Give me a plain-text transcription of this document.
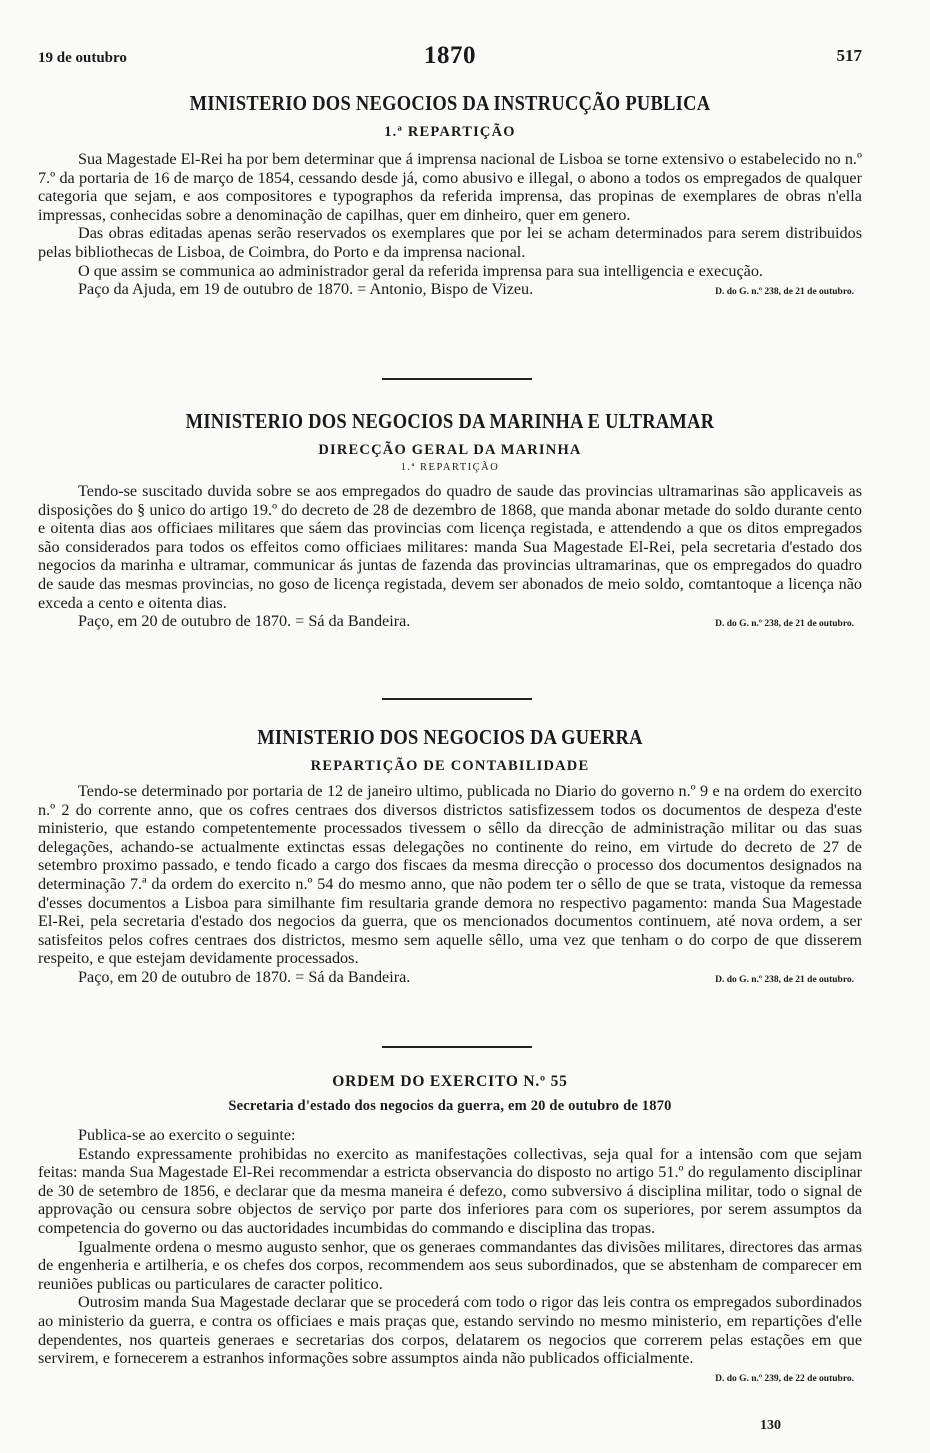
19 de outubro	1870	517
MINISTERIO DOS NEGOCIOS DA INSTRUCÇÃO PUBLICA
1.ª REPARTIÇÃO

Sua Magestade El-Rei ha por bem determinar que á imprensa nacional de Lisboa se torne extensivo o estabelecido no n.º 7.º da portaria de 16 de março de 1854, cessando desde já, como abusivo e illegal, o abono a todos os empregados de qualquer categoria que sejam, e aos compositores e typographos da referida imprensa, das propinas de exemplares de obras n'ella impressas, conhecidas sobre a denominação de capilhas, quer em dinheiro, quer em genero.

Das obras editadas apenas serão reservados os exemplares que por lei se acham determinados para serem distribuidos pelas bibliothecas de Lisboa, de Coimbra, do Porto e da imprensa nacional.

O que assim se communica ao administrador geral da referida imprensa para sua intelligencia e execução.

Paço da Ajuda, em 19 de outubro de 1870. = Antonio, Bispo de Vizeu.	D. do G. n.º 238, de 21 de outubro.
MINISTERIO DOS NEGOCIOS DA MARINHA E ULTRAMAR
DIRECÇÃO GERAL DA MARINHA
1.ª REPARTIÇÃO

Tendo-se suscitado duvida sobre se aos empregados do quadro de saude das provincias ultramarinas são applicaveis as disposições do § unico do artigo 19.º do decreto de 28 de dezembro de 1868, que manda abonar metade do soldo durante cento e oitenta dias aos officiaes militares que sáem das provincias com licença registada, e attendendo a que os ditos empregados são considerados para todos os effeitos como officiaes militares: manda Sua Magestade El-Rei, pela secretaria d'estado dos negocios da marinha e ultramar, communicar ás juntas de fazenda das provincias ultramarinas, que os empregados do quadro de saude das mesmas provincias, no goso de licença registada, devem ser abonados de meio soldo, comtantoque a licença não exceda a cento e oitenta dias.

Paço, em 20 de outubro de 1870. = Sá da Bandeira.	D. do G. n.º 238, de 21 de outubro.
MINISTERIO DOS NEGOCIOS DA GUERRA
REPARTIÇÃO DE CONTABILIDADE

Tendo-se determinado por portaria de 12 de janeiro ultimo, publicada no Diario do governo n.º 9 e na ordem do exercito n.º 2 do corrente anno, que os cofres centraes dos diversos districtos satisfizessem todos os documentos de despeza d'este ministerio, que estando competentemente processados tivessem o sêllo da direcção de administração militar ou das suas delegações, achando-se actualmente extinctas essas delegações no continente do reino, em virtude do decreto de 27 de setembro proximo passado, e tendo ficado a cargo dos fiscaes da mesma direcção o processo dos documentos designados na determinação 7.ª da ordem do exercito n.º 54 do mesmo anno, que não podem ter o sêllo de que se trata, vistoque da remessa d'esses documentos a Lisboa para similhante fim resultaria grande demora no respectivo pagamento: manda Sua Magestade El-Rei, pela secretaria d'estado dos negocios da guerra, que os mencionados documentos continuem, até nova ordem, a ser satisfeitos pelos cofres centraes dos districtos, mesmo sem aquelle sêllo, uma vez que tenham o do corpo de que disserem respeito, e que estejam devidamente processados.

Paço, em 20 de outubro de 1870. = Sá da Bandeira.	D. do G. n.º 238, de 21 de outubro.
ORDEM DO EXERCITO N.º 55
Secretaria d'estado dos negocios da guerra, em 20 de outubro de 1870

Publica-se ao exercito o seguinte:

Estando expressamente prohibidas no exercito as manifestações collectivas, seja qual for a intensão com que sejam feitas: manda Sua Magestade El-Rei recommendar a estricta observancia do disposto no artigo 51.º do regulamento disciplinar de 30 de setembro de 1856, e declarar que da mesma maneira é defezo, como subversivo á disciplina militar, todo o signal de approvação ou censura sobre objectos de serviço por parte dos inferiores para com os superiores, por serem assumptos da competencia do governo ou das auctoridades incumbidas do commando e disciplina das tropas.

Igualmente ordena o mesmo augusto senhor, que os generaes commandantes das divisões militares, directores das armas de engenheria e artilheria, e os chefes dos corpos, recommendem aos seus subordinados, que se abstenham de comparecer em reuniões publicas ou particulares de caracter politico.

Outrosim manda Sua Magestade declarar que se procederá com todo o rigor das leis contra os empregados subordinados ao ministerio da guerra, e contra os officiaes e mais praças que, estando servindo no mesmo ministerio, em repartições d'elle dependentes, nos quarteis generaes e secretarias dos corpos, delatarem os negocios que correrem pelas estações em que servirem, e fornecerem a estranhos informações sobre assumptos ainda não publicados officialmente.

D. do G. n.º 239, de 22 de outubro.
130
